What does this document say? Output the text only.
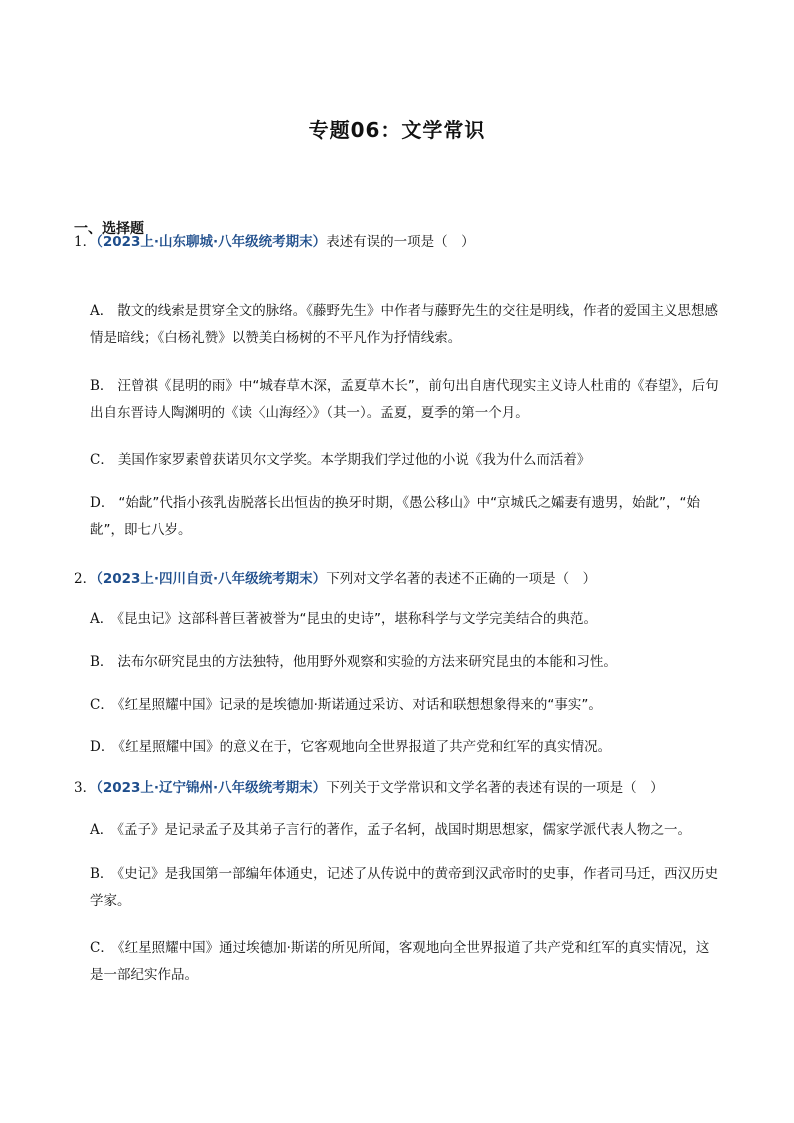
专题06：文学常识
一、选择题
1．（2023上·山东聊城·八年级统考期末）表述有误的一项是（　）
A． 散文的线索是贯穿全文的脉络。《藤野先生》中作者与藤野先生的交往是明线，作者的爱国主义思想感情是暗线；《白杨礼赞》以赞美白杨树的不平凡作为抒情线索。
B． 汪曾祺《昆明的雨》中“城春草木深，孟夏草木长”，前句出自唐代现实主义诗人杜甫的《春望》，后句出自东晋诗人陶渊明的《读〈山海经〉》（其一）。孟夏，夏季的第一个月。
C． 美国作家罗素曾获诺贝尔文学奖。本学期我们学过他的小说《我为什么而活着》
D． “始龀”代指小孩乳齿脱落长出恒齿的换牙时期，《愚公移山》中“京城氏之孀妻有遗男，始龀”，“始龀”，即七八岁。
2．（2023上·四川自贡·八年级统考期末）下列对文学名著的表述不正确的一项是（　）
A． 《昆虫记》这部科普巨著被誉为“昆虫的史诗”，堪称科学与文学完美结合的典范。
B． 法布尔研究昆虫的方法独特，他用野外观察和实验的方法来研究昆虫的本能和习性。
C． 《红星照耀中国》记录的是埃德加·斯诺通过采访、对话和联想想象得来的“事实”。
D． 《红星照耀中国》的意义在于，它客观地向全世界报道了共产党和红军的真实情况。
3．（2023上·辽宁锦州·八年级统考期末）下列关于文学常识和文学名著的表述有误的一项是（　）
A． 《孟子》是记录孟子及其弟子言行的著作，孟子名轲，战国时期思想家，儒家学派代表人物之一。
B． 《史记》是我国第一部编年体通史，记述了从传说中的黄帝到汉武帝时的史事，作者司马迁，西汉历史学家。
C． 《红星照耀中国》通过埃德加·斯诺的所见所闻，客观地向全世界报道了共产党和红军的真实情况，这是一部纪实作品。
